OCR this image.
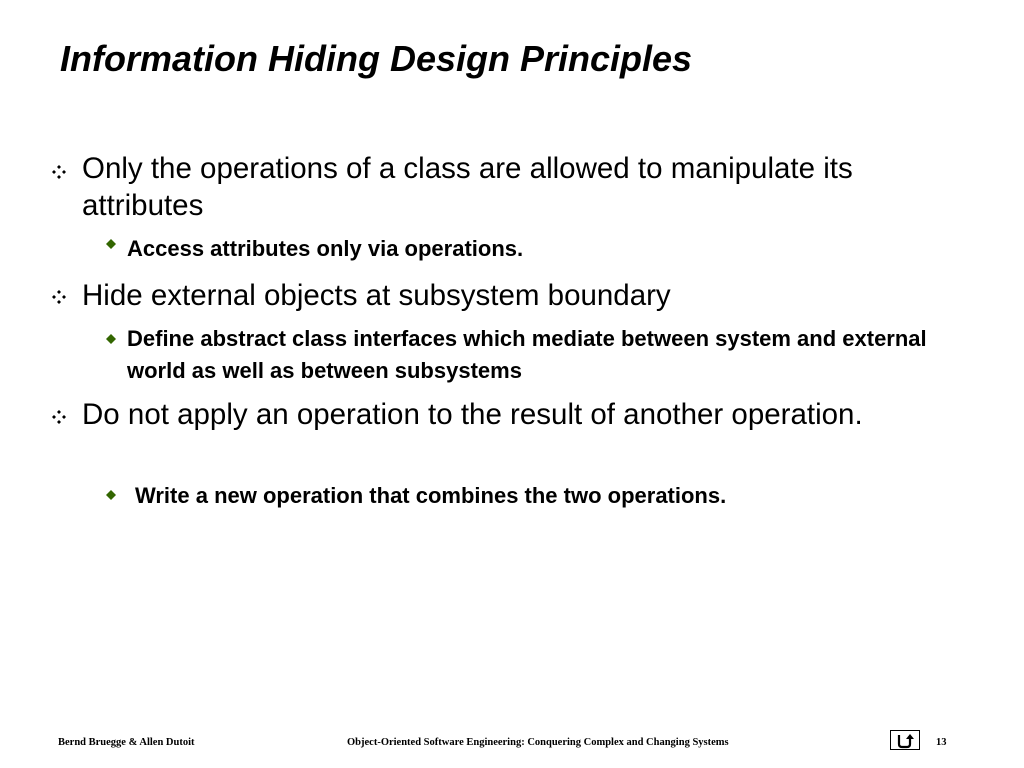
Information Hiding Design Principles
Only the operations of a class are allowed to manipulate its attributes
Access attributes only via operations.
Hide external objects at subsystem boundary
Define abstract class interfaces which mediate between system and external world as well as between subsystems
Do not apply an operation to the result of another operation.
Write a new operation that combines the two operations.
Bernd Bruegge & Allen Dutoit	Object-Oriented Software Engineering: Conquering Complex and Changing Systems	13
